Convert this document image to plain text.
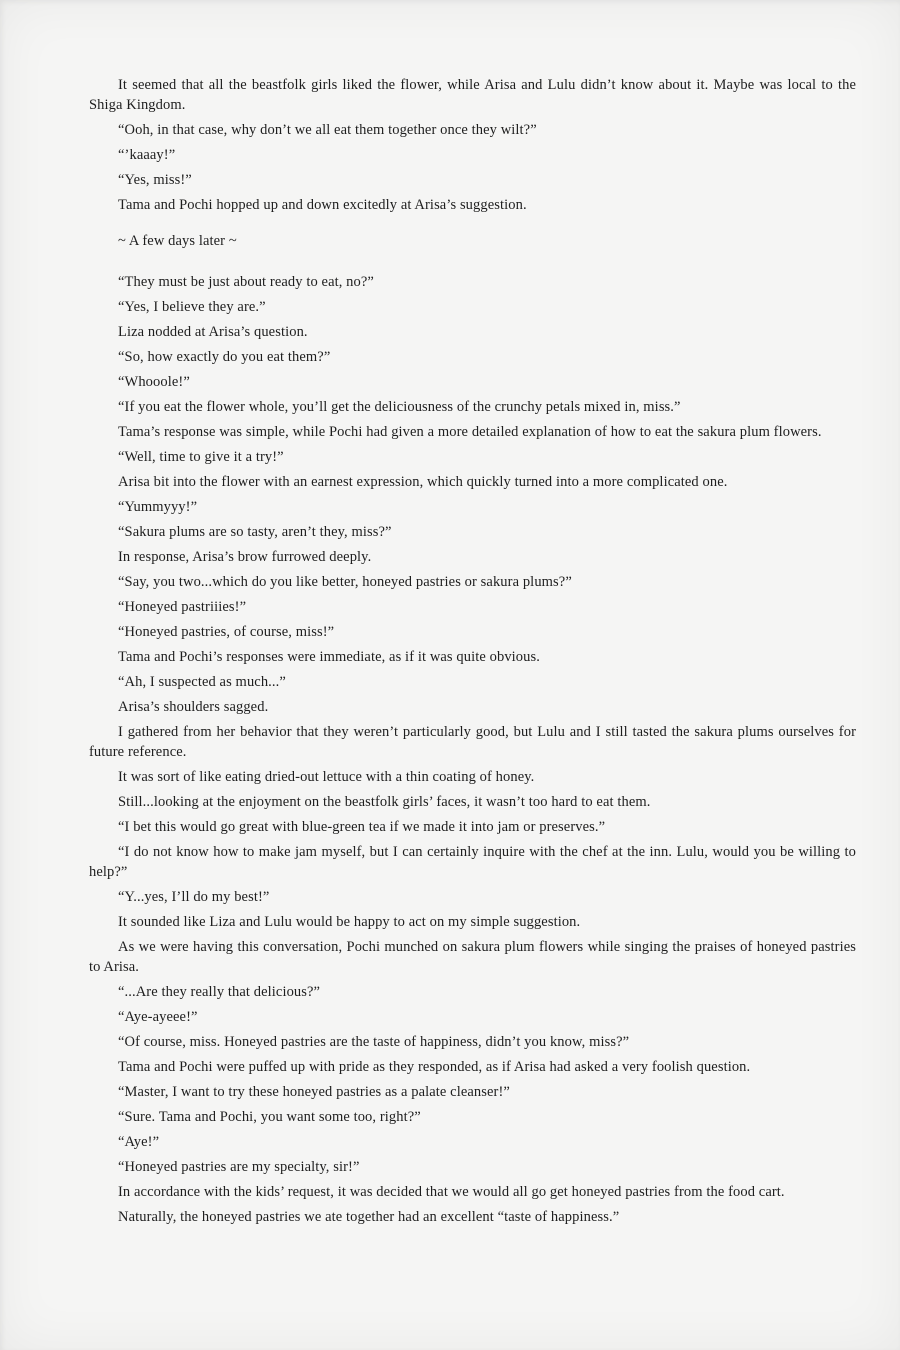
It seemed that all the beastfolk girls liked the flower, while Arisa and Lulu didn’t know about it. Maybe was local to the Shiga Kingdom.

“Ooh, in that case, why don’t we all eat them together once they wilt?”

“’kaaay!”

“Yes, miss!”

Tama and Pochi hopped up and down excitedly at Arisa’s suggestion.

~ A few days later ~

“They must be just about ready to eat, no?”

“Yes, I believe they are.”

Liza nodded at Arisa’s question.

“So, how exactly do you eat them?”

“Whooole!”

“If you eat the flower whole, you’ll get the deliciousness of the crunchy petals mixed in, miss.”

Tama’s response was simple, while Pochi had given a more detailed explanation of how to eat the sakura plum flowers.

“Well, time to give it a try!”

Arisa bit into the flower with an earnest expression, which quickly turned into a more complicated one.

“Yummyyy!”

“Sakura plums are so tasty, aren’t they, miss?”

In response, Arisa’s brow furrowed deeply.

“Say, you two...which do you like better, honeyed pastries or sakura plums?”

“Honeyed pastriiies!”

“Honeyed pastries, of course, miss!”

Tama and Pochi’s responses were immediate, as if it was quite obvious.

“Ah, I suspected as much...”

Arisa’s shoulders sagged.

I gathered from her behavior that they weren’t particularly good, but Lulu and I still tasted the sakura plums ourselves for future reference.

It was sort of like eating dried-out lettuce with a thin coating of honey.

Still...looking at the enjoyment on the beastfolk girls’ faces, it wasn’t too hard to eat them.

“I bet this would go great with blue-green tea if we made it into jam or preserves.”

“I do not know how to make jam myself, but I can certainly inquire with the chef at the inn. Lulu, would you be willing to help?”

“Y...yes, I’ll do my best!”

It sounded like Liza and Lulu would be happy to act on my simple suggestion.

As we were having this conversation, Pochi munched on sakura plum flowers while singing the praises of honeyed pastries to Arisa.

“...Are they really that delicious?”

“Aye-ayeee!”

“Of course, miss. Honeyed pastries are the taste of happiness, didn’t you know, miss?”

Tama and Pochi were puffed up with pride as they responded, as if Arisa had asked a very foolish question.

“Master, I want to try these honeyed pastries as a palate cleanser!”

“Sure. Tama and Pochi, you want some too, right?”

“Aye!”

“Honeyed pastries are my specialty, sir!”

In accordance with the kids’ request, it was decided that we would all go get honeyed pastries from the food cart.

Naturally, the honeyed pastries we ate together had an excellent “taste of happiness.”
